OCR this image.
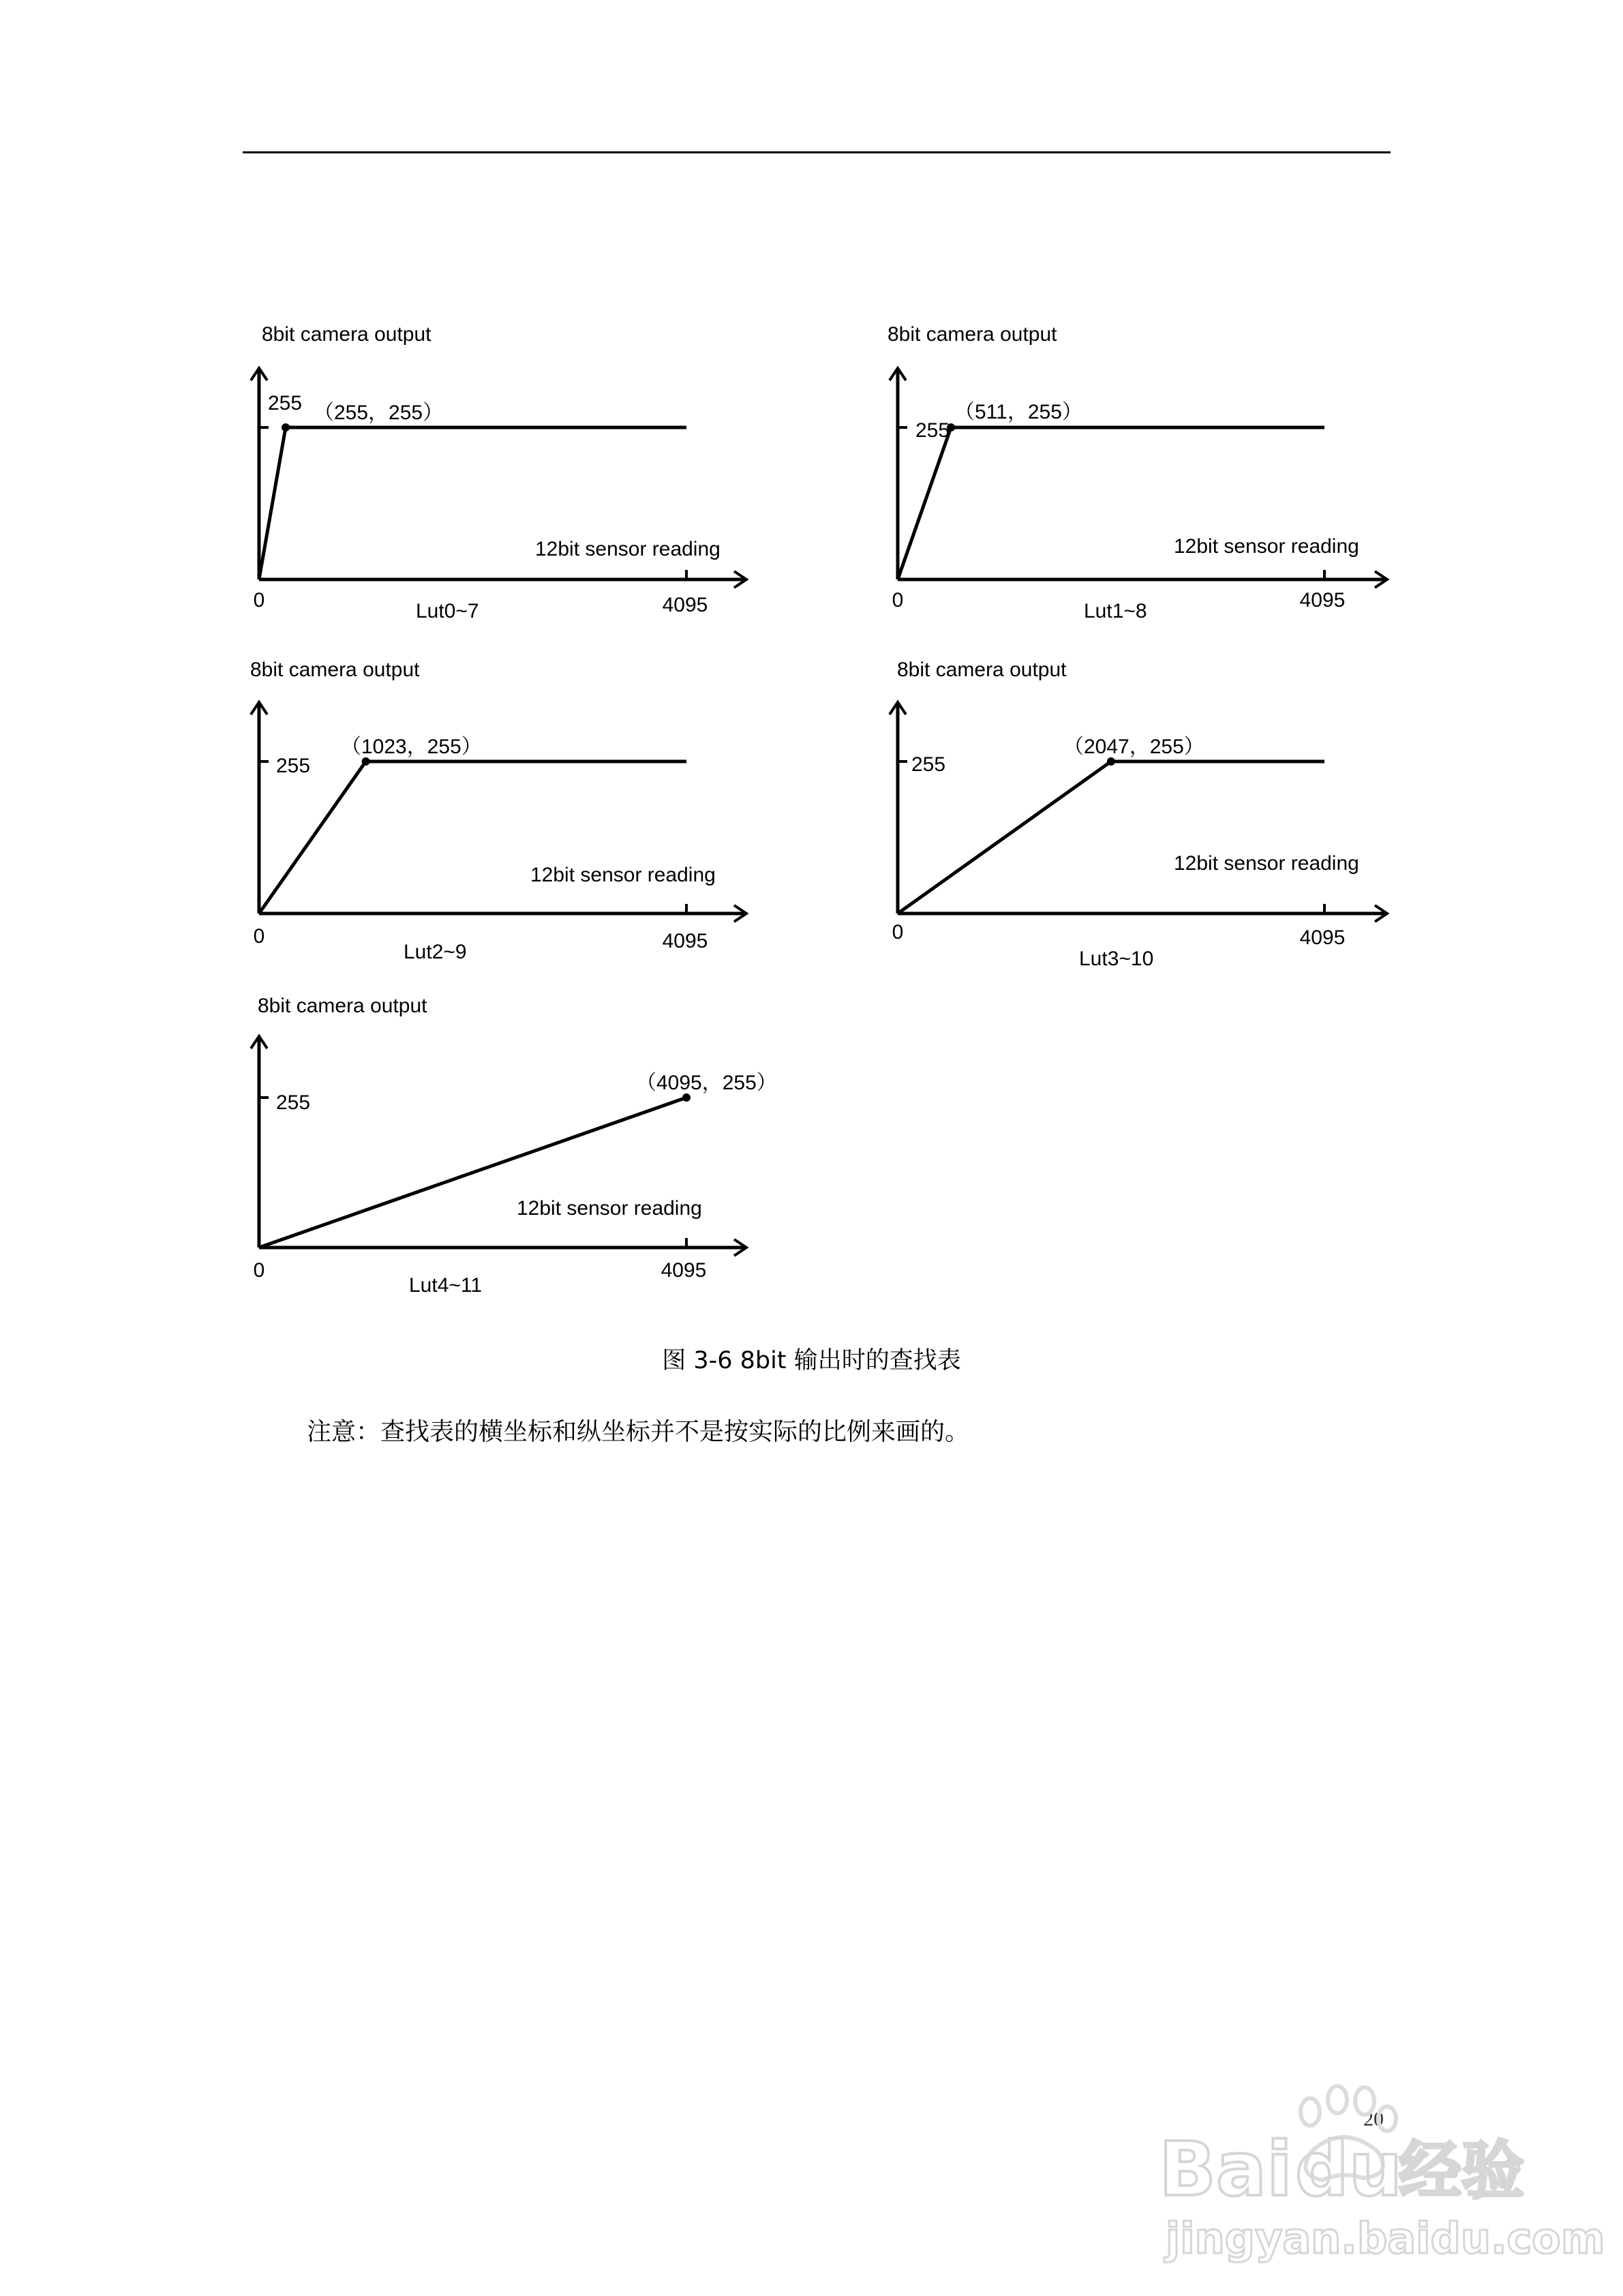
8bit camera output
255 （255，255）
12bit sensor reading
0	4095
Lut0~7
8bit camera output
255
（511，255）
12bit sensor reading
0	4095
Lut1~8
8bit camera output
255
（1023，255）
12bit sensor reading
0	4095
Lut2~9
8bit camera output
255
（2047，255）
12bit sensor reading
0	4095
Lut3~10
8bit camera output
255
（4095，255）
12bit sensor reading
0	4095
Lut4~11
图 3-6 8bit 输出时的查找表
注意：查找表的横坐标和纵坐标并不是按实际的比例来画的。
20
Bai du
经验
jingyan.baidu.com
